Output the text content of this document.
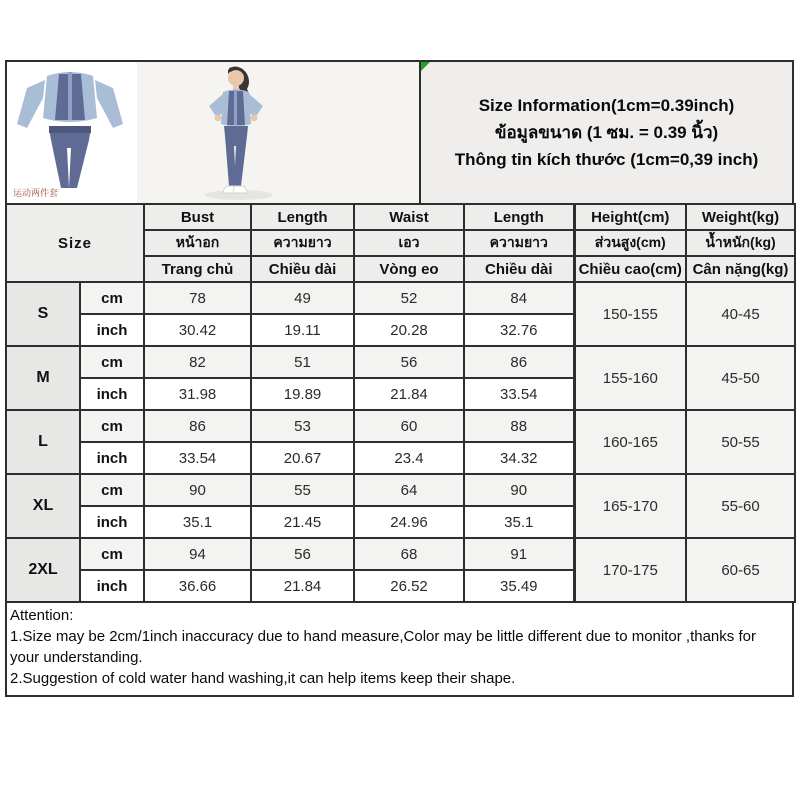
运动两件套
Size Information(1cm=0.39inch)
ข้อมูลขนาด (1 ซม. = 0.39 นิ้ว)
Thông tin kích thước (1cm=0,39 inch)
Size		Bust	Length	Waist	Length	Height(cm)	Weight(kg)
		หน้าอก	ความยาว	เอว	ความยาว	ส่วนสูง(cm)	น้ำหนัก(kg)
		Trang chủ	Chiều dài	Vòng eo	Chiều dài	Chiều cao(cm)	Cân nặng(kg)
S	cm	78	49	52	84	150-155	40-45
	inch	30.42	19.11	20.28	32.76		
M	cm	82	51	56	86	155-160	45-50
	inch	31.98	19.89	21.84	33.54		
L	cm	86	53	60	88	160-165	50-55
	inch	33.54	20.67	23.4	34.32		
XL	cm	90	55	64	90	165-170	55-60
	inch	35.1	21.45	24.96	35.1		
2XL	cm	94	56	68	91	170-175	60-65
	inch	36.66	21.84	26.52	35.49		

Attention:

1.Size may be 2cm/1inch inaccuracy due to hand measure,Color may be little different due to monitor ,thanks for your understanding.

2.Suggestion of cold water hand washing,it can help items keep their shape.
